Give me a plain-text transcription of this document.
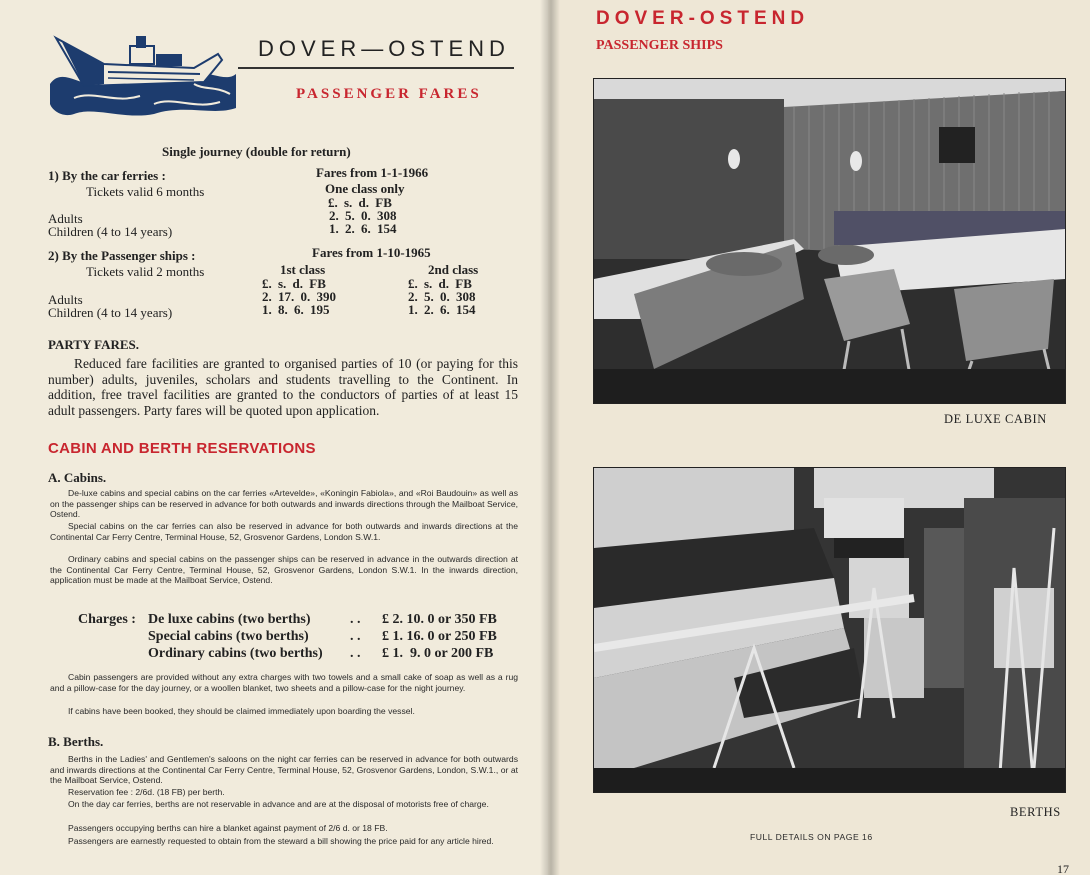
DOVER—OSTEND
PASSENGER FARES
Single journey (double for return)
1) By the car ferries :
Tickets valid 6 months
Fares from 1-1-1966
One class only
£. s. d. FB
Adults	2. 5. 0. 308
Children (4 to 14 years)	1. 2. 6. 154
2) By the Passenger ships :
Tickets valid 2 months
Fares from 1-10-1965
1st class	2nd class
£. s. d. FB	£. s. d. FB
Adults	2. 17. 0. 390	2. 5. 0. 308
Children (4 to 14 years)	1. 8. 6. 195	1. 2. 6. 154
PARTY FARES.
Reduced fare facilities are granted to organised parties of 10 (or paying for this number) adults, juveniles, scholars and students travelling to the Continent. In addition, free travel facilities are granted to the conductors of parties of at least 15 adult passengers. Party fares will be quoted upon application.
CABIN AND BERTH RESERVATIONS
A. Cabins.
De-luxe cabins and special cabins on the car ferries «Artevelde», «Koningin Fabiola», and «Roi Baudouin» as well as on the passenger ships can be reserved in advance for both outwards and inwards directions through the Mailboat Service, Ostend.
Special cabins on the car ferries can also be reserved in advance for both outwards and inwards directions at the Continental Car Ferry Centre, Terminal House, 52, Grosvenor Gardens, London S.W.1.
Ordinary cabins and special cabins on the passenger ships can be reserved in advance in the outwards direction at the Continental Car Ferry Centre, Terminal House, 52, Grosvenor Gardens, London S.W.1. In the inwards direction, application must be made at the Mailboat Service, Ostend.
Charges : De luxe cabins (two berths)	. . £ 2. 10. 0 or 350 FB
Special cabins (two berths)	. . £ 1. 16. 0 or 250 FB
Ordinary cabins (two berths) . . £ 1.  9. 0 or 200 FB
Cabin passengers are provided without any extra charges with two towels and a small cake of soap as well as a rug and a pillow-case for the day journey, or a woollen blanket, two sheets and a pillow-case for the night journey.
If cabins have been booked, they should be claimed immediately upon boarding the vessel.
B. Berths.
Berths in the Ladies' and Gentlemen's saloons on the night car ferries can be reserved in advance for both outwards and inwards directions at the Continental Car Ferry Centre, Terminal House, 52, Grosvenor Gardens, London, S.W.1., or at the Mailboat Service, Ostend.
Reservation fee : 2/6d. (18 FB) per berth.
On the day car ferries, berths are not reservable in advance and are at the disposal of motorists free of charge.
Passengers occupying berths can hire a blanket against payment of 2/6 d. or 18 FB.
Passengers are earnestly requested to obtain from the steward a bill showing the price paid for any article hired.
DOVER-OSTEND
PASSENGER SHIPS
DE LUXE CABIN
BERTHS
FULL DETAILS ON PAGE 16
17
